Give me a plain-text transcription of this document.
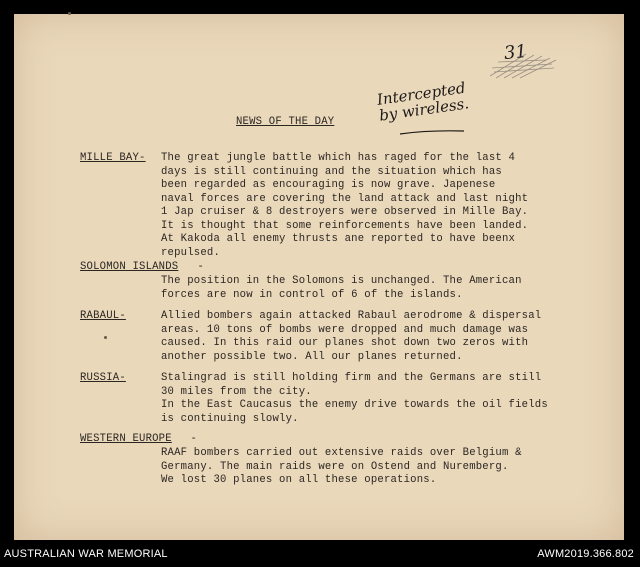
31
Intercepted
by wireless.
NEWS OF THE DAY
MILLE BAY- The great jungle battle which has raged for the last 4
days is still continuing and the situation which has
been regarded as encouraging is now grave. Japenese
naval forces are covering the land attack and last night
1 Jap cruiser & 8 destroyers were observed in Mille Bay.
It is thought that some reinforcements have been landed.
At Kakoda all enemy thrusts ane reported to have beenx
repulsed.
SOLOMON ISLANDS -
The position in the Solomons is unchanged. The American
forces are now in control of 6 of the islands.
RABAUL-	Allied bombers again attacked Rabaul aerodrome & dispersal
areas. 10 tons of bombs were dropped and much damage was
caused. In this raid our planes shot down two zeros with
another possible two. All our planes returned.
RUSSIA-	Stalingrad is still holding firm and the Germans are still
30 miles from the city.
In the East Caucasus the enemy drive towards the oil fields
is continuing slowly.
WESTERN EUROPE -
RAAF bombers carried out extensive raids over Belgium &
Germany. The main raids were on Ostend and Nuremberg.
We lost 30 planes on all these operations.
AUSTRALIAN WAR MEMORIAL	AWM2019.366.802
